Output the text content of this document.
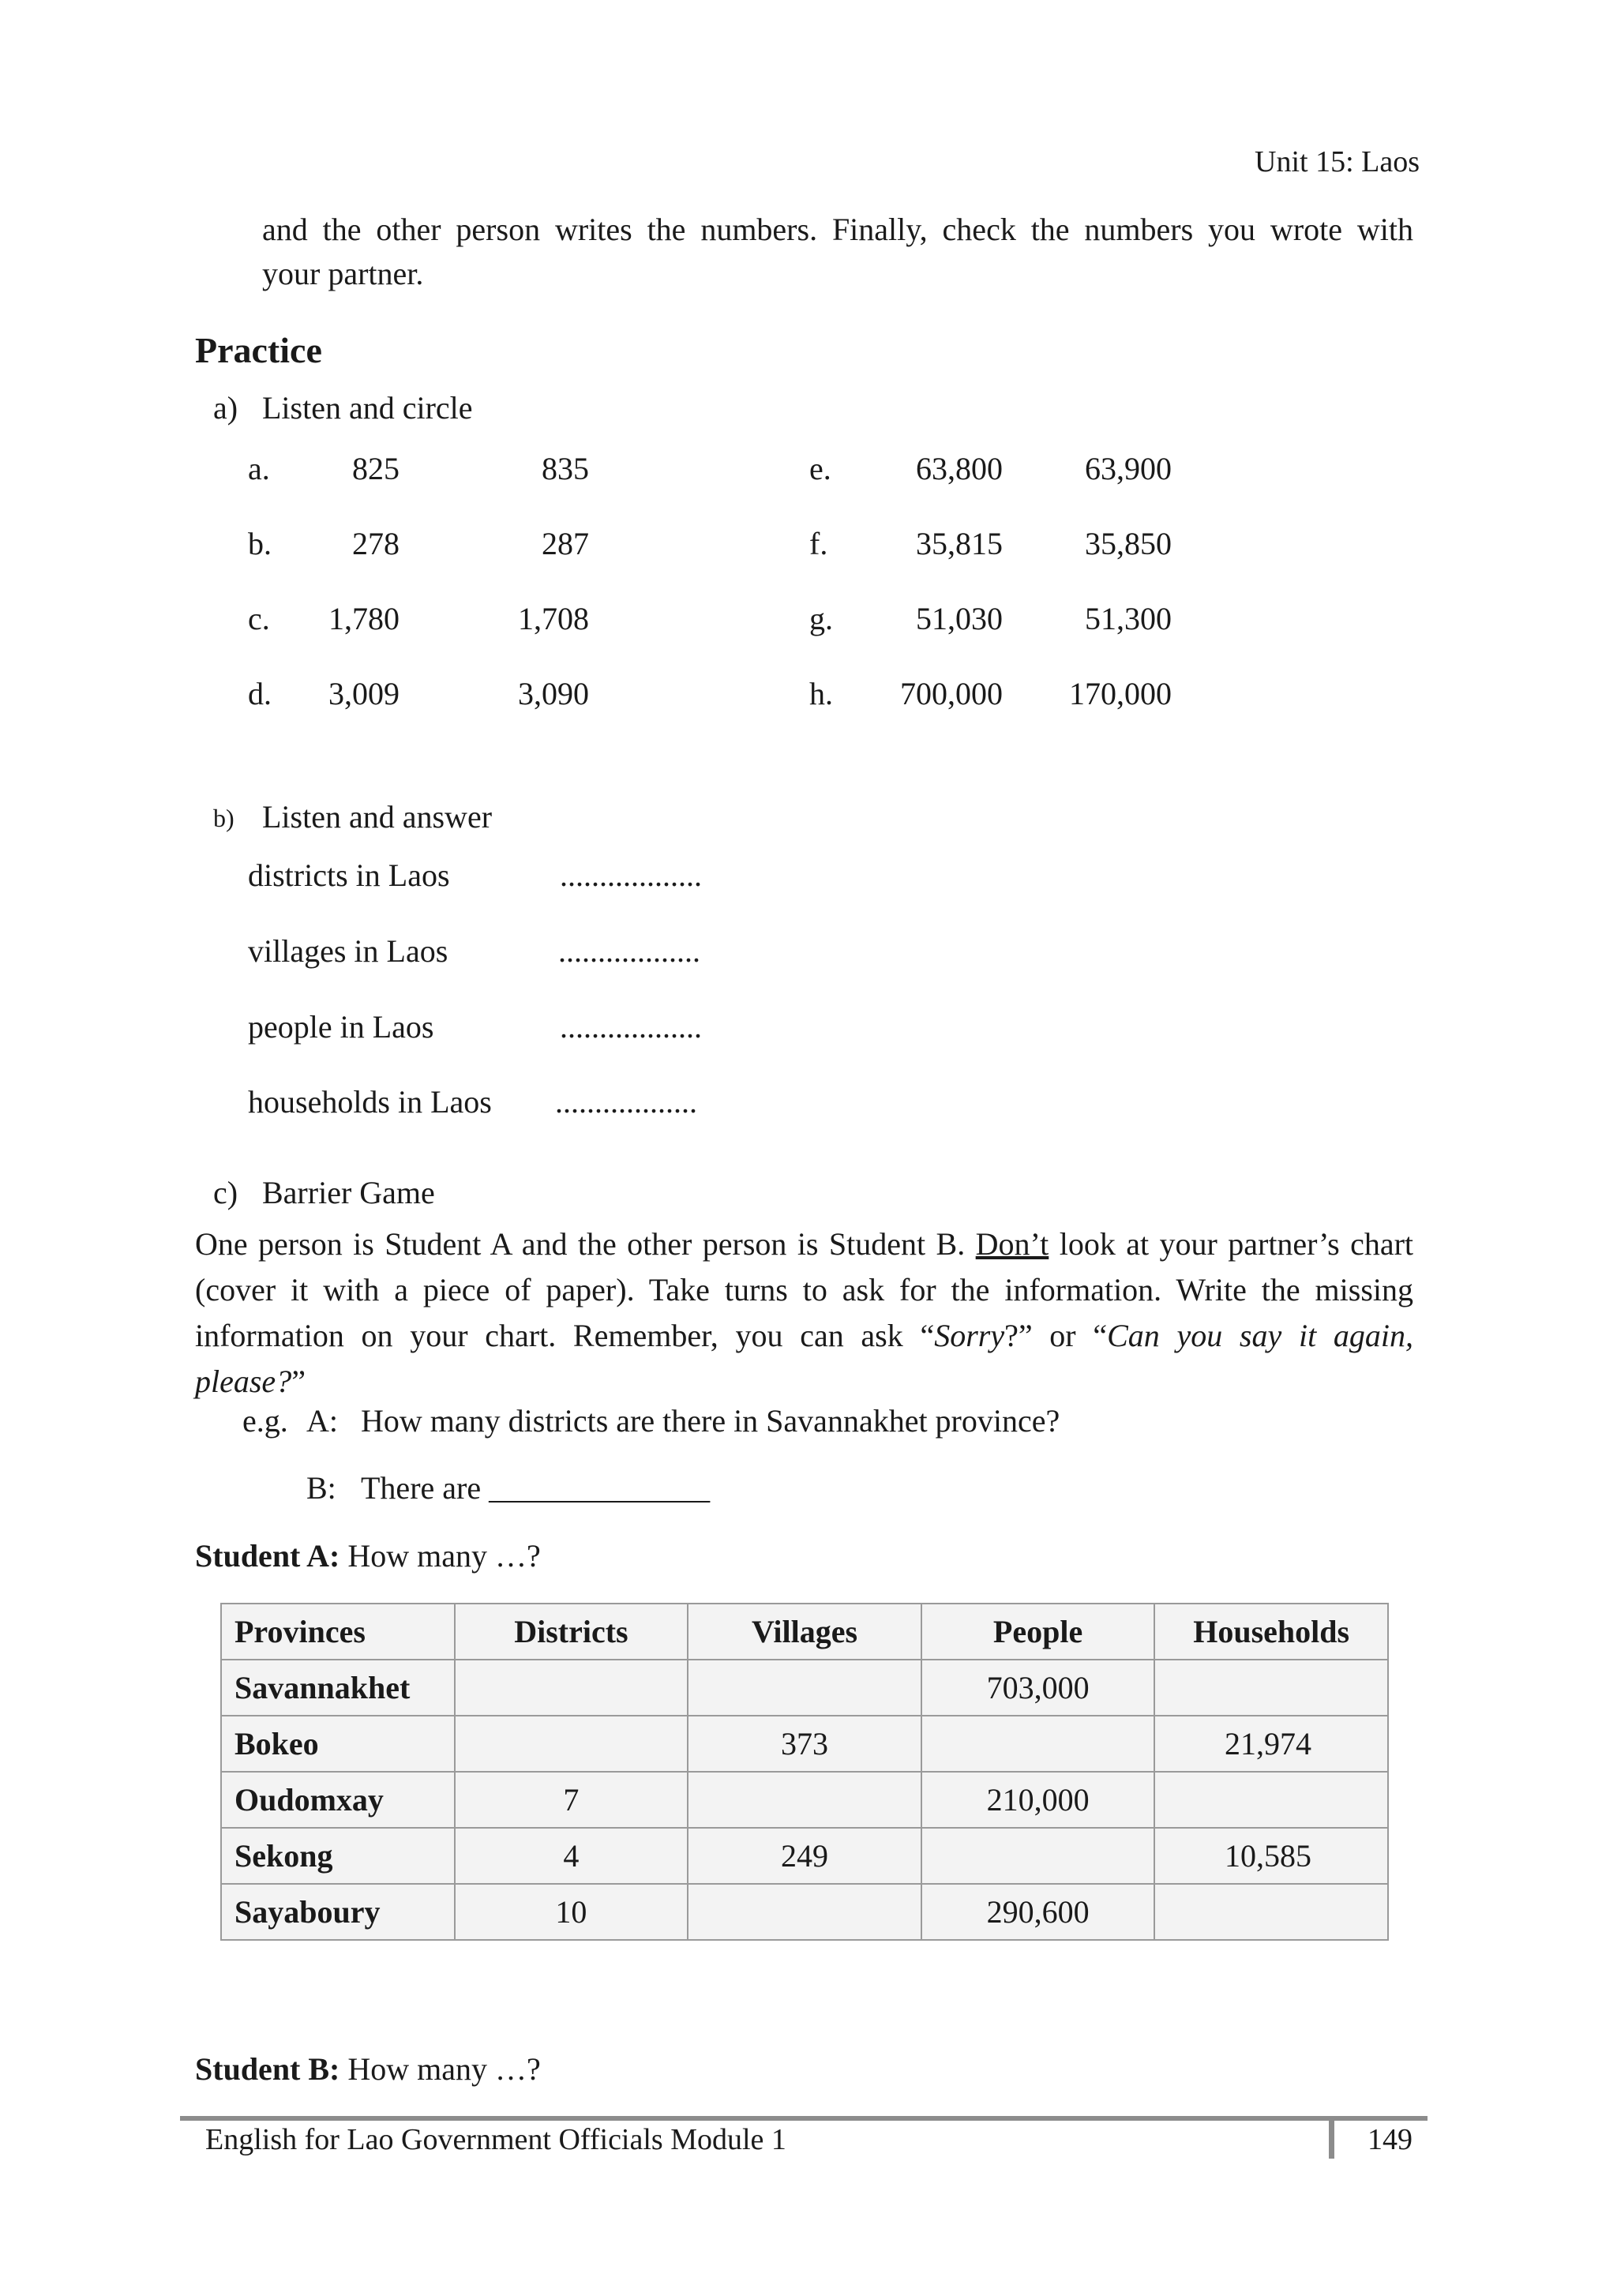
Unit 15: Laos
and the other person writes the numbers. Finally, check the numbers you wrote with
your partner.
Practice
a) Listen and circle
a.	825	835
b.	278	287
c. 1,780	1,708
d. 3,009	3,090
e.	63,800	63,900
f.	35,815	35,850
g.	51,030	51,300
h. 700,000 170,000
b) Listen and answer
districts in Laos	..................
villages in Laos	..................
people in Laos	..................
households in Laos ..................
c) Barrier Game
One person is Student A and the other person is Student B. Don’t look at your partner’s chart
(cover it with a piece of paper). Take turns to ask for the information. Write the missing
information on your chart. Remember, you can ask “Sorry?” or “Can you say it again,
please?”
e.g. A: How many districts are there in Savannakhet province?
B: There are ______________
Student A: How many …?
Provinces	Districts	Villages	People	Households
Savannakhet			703,000	
Bokeo		373		21,974
Oudomxay	7		210,000	
Sekong	4	249		10,585
Sayaboury	10		290,600	
Student B: How many …?
English for Lao Government Officials Module 1	149
